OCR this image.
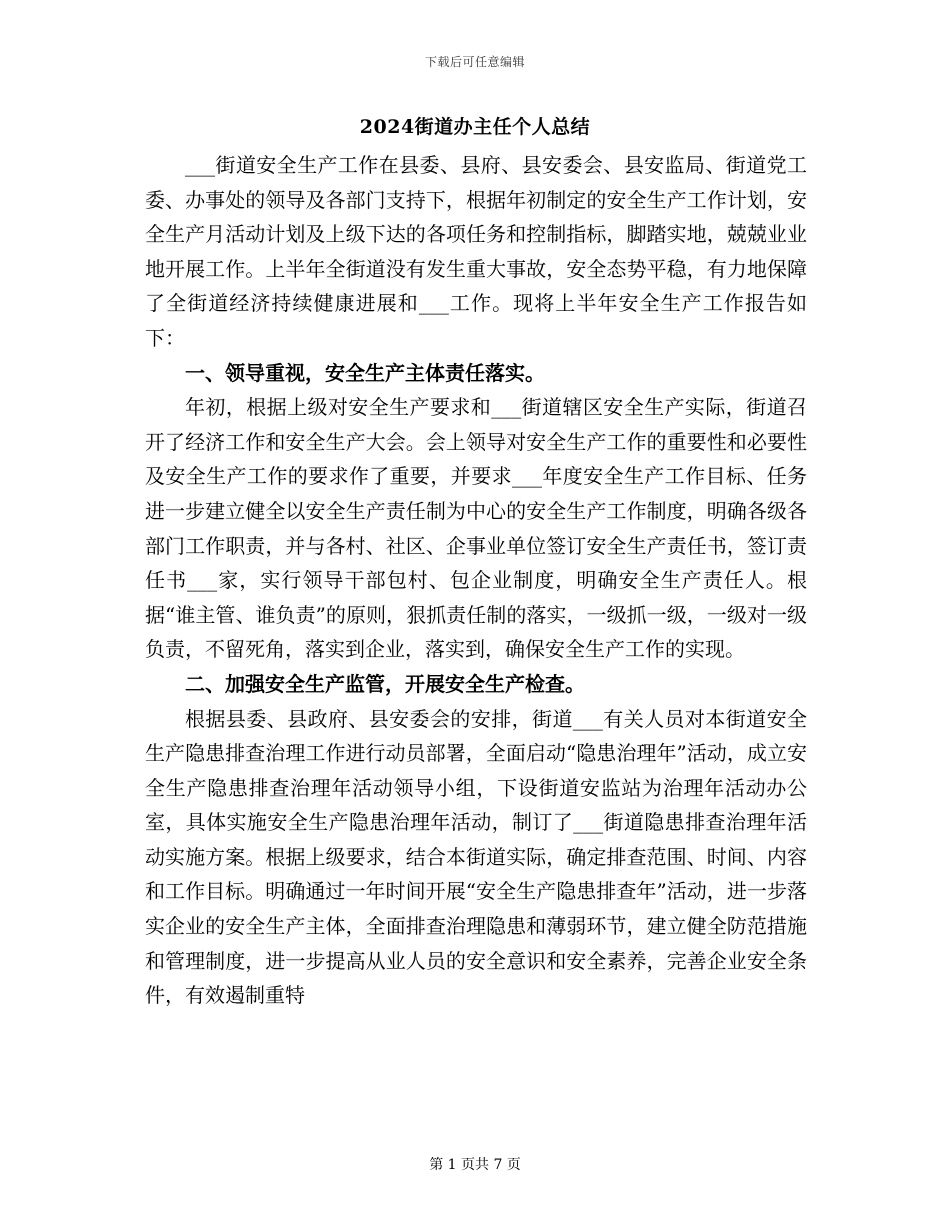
下载后可任意编辑
2024街道办主任个人总结

___街道安全生产工作在县委、县府、县安委会、县安监局、街道党工委、办事处的领导及各部门支持下，根据年初制定的安全生产工作计划，安全生产月活动计划及上级下达的各项任务和控制指标，脚踏实地，兢兢业业地开展工作。上半年全街道没有发生重大事故，安全态势平稳，有力地保障了全街道经济持续健康进展和___工作。现将上半年安全生产工作报告如下：

一、领导重视，安全生产主体责任落实。

年初，根据上级对安全生产要求和___街道辖区安全生产实际，街道召开了经济工作和安全生产大会。会上领导对安全生产工作的重要性和必要性及安全生产工作的要求作了重要，并要求___年度安全生产工作目标、任务进一步建立健全以安全生产责任制为中心的安全生产工作制度，明确各级各部门工作职责，并与各村、社区、企事业单位签订安全生产责任书，签订责任书___家，实行领导干部包村、包企业制度，明确安全生产责任人。根据“谁主管、谁负责”的原则，狠抓责任制的落实，一级抓一级，一级对一级负责，不留死角，落实到企业，落实到，确保安全生产工作的实现。

二、加强安全生产监管，开展安全生产检查。

根据县委、县政府、县安委会的安排，街道___有关人员对本街道安全生产隐患排查治理工作进行动员部署，全面启动“隐患治理年”活动，成立安全生产隐患排查治理年活动领导小组，下设街道安监站为治理年活动办公室，具体实施安全生产隐患治理年活动，制订了___街道隐患排查治理年活动实施方案。根据上级要求，结合本街道实际，确定排查范围、时间、内容和工作目标。明确通过一年时间开展“安全生产隐患排查年”活动，进一步落实企业的安全生产主体，全面排查治理隐患和薄弱环节，建立健全防范措施和管理制度，进一步提高从业人员的安全意识和安全素养，完善企业安全条件，有效遏制重特

第 1 页共 7 页
